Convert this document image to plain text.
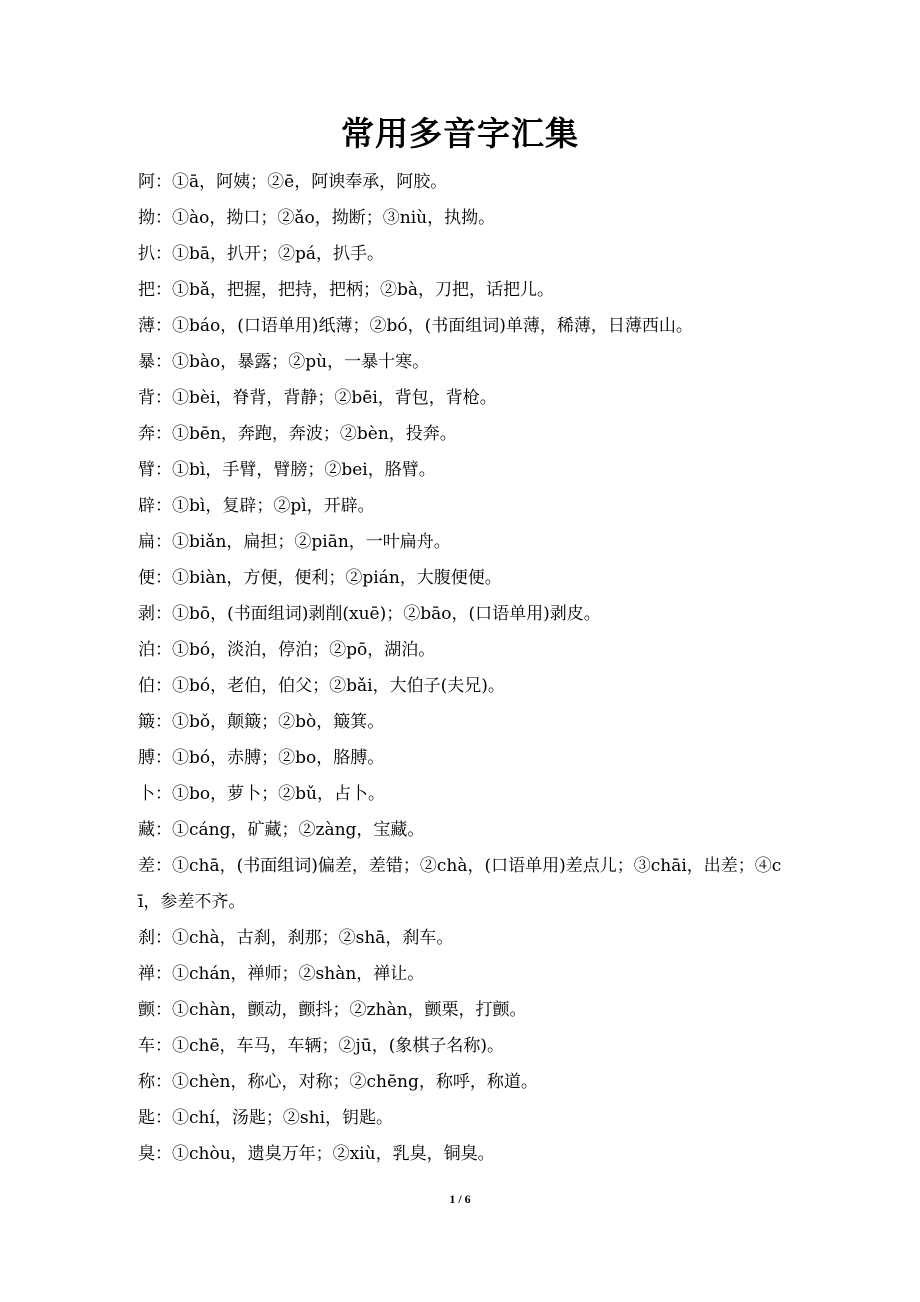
常用多音字汇集
阿：①ā，阿姨；②ē，阿谀奉承，阿胶。
拗：①ào，拗口；②ǎo，拗断；③niù，执拗。
扒：①bā，扒开；②pá，扒手。
把：①bǎ，把握，把持，把柄；②bà，刀把，话把儿。
薄：①báo，(口语单用)纸薄；②bó，(书面组词)单薄，稀薄，日薄西山。
暴：①bào，暴露；②pù，一暴十寒。
背：①bèi，脊背，背静；②bēi，背包，背枪。
奔：①bēn，奔跑，奔波；②bèn，投奔。
臂：①bì，手臂，臂膀；②bei，胳臂。
辟：①bì，复辟；②pì，开辟。
扁：①biǎn，扁担；②piān，一叶扁舟。
便：①biàn，方便，便利；②pián，大腹便便。
剥：①bō，(书面组词)剥削(xuē)；②bāo，(口语单用)剥皮。
泊：①bó，淡泊，停泊；②pō，湖泊。
伯：①bó，老伯，伯父；②bǎi，大伯子(夫兄)。
簸：①bǒ，颠簸；②bò，簸箕。
膊：①bó，赤膊；②bo，胳膊。
卜：①bo，萝卜；②bǔ，占卜。
藏：①cáng，矿藏；②zàng，宝藏。
差：①chā，(书面组词)偏差，差错；②chà，(口语单用)差点儿；③chāi，出差；④cī，参差不齐。
刹：①chà，古刹，刹那；②shā，刹车。
禅：①chán，禅师；②shàn，禅让。
颤：①chàn，颤动，颤抖；②zhàn，颤栗，打颤。
车：①chē，车马，车辆；②jū，(象棋子名称)。
称：①chèn，称心，对称；②chēng，称呼，称道。
匙：①chí，汤匙；②shi，钥匙。
臭：①chòu，遗臭万年；②xiù，乳臭，铜臭。
1 / 6
